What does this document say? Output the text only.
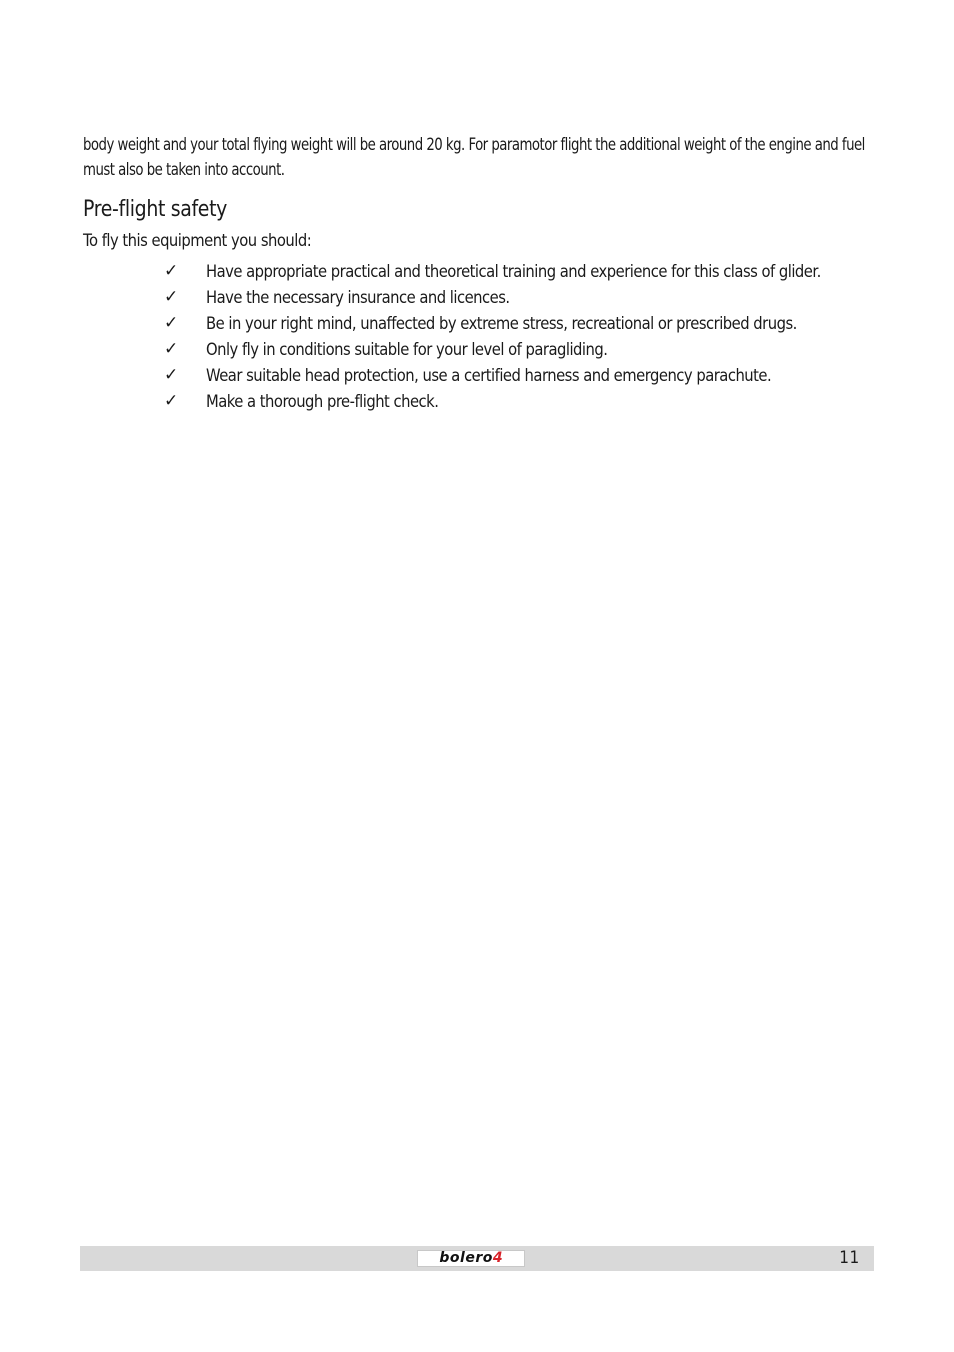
body weight and your total flying weight will be around 20 kg. For paramotor flight the additional weight of the engine and fuel must also be taken into account.

Pre-flight safety

To fly this equipment you should:

✓ Have appropriate practical and theoretical training and experience for this class of glider.
✓ Have the necessary insurance and licences.
✓ Be in your right mind, unaffected by extreme stress, recreational or prescribed drugs.
✓ Only fly in conditions suitable for your level of paragliding.
✓ Wear suitable head protection, use a certified harness and emergency parachute.
✓ Make a thorough pre-flight check.
bolero 4	11
